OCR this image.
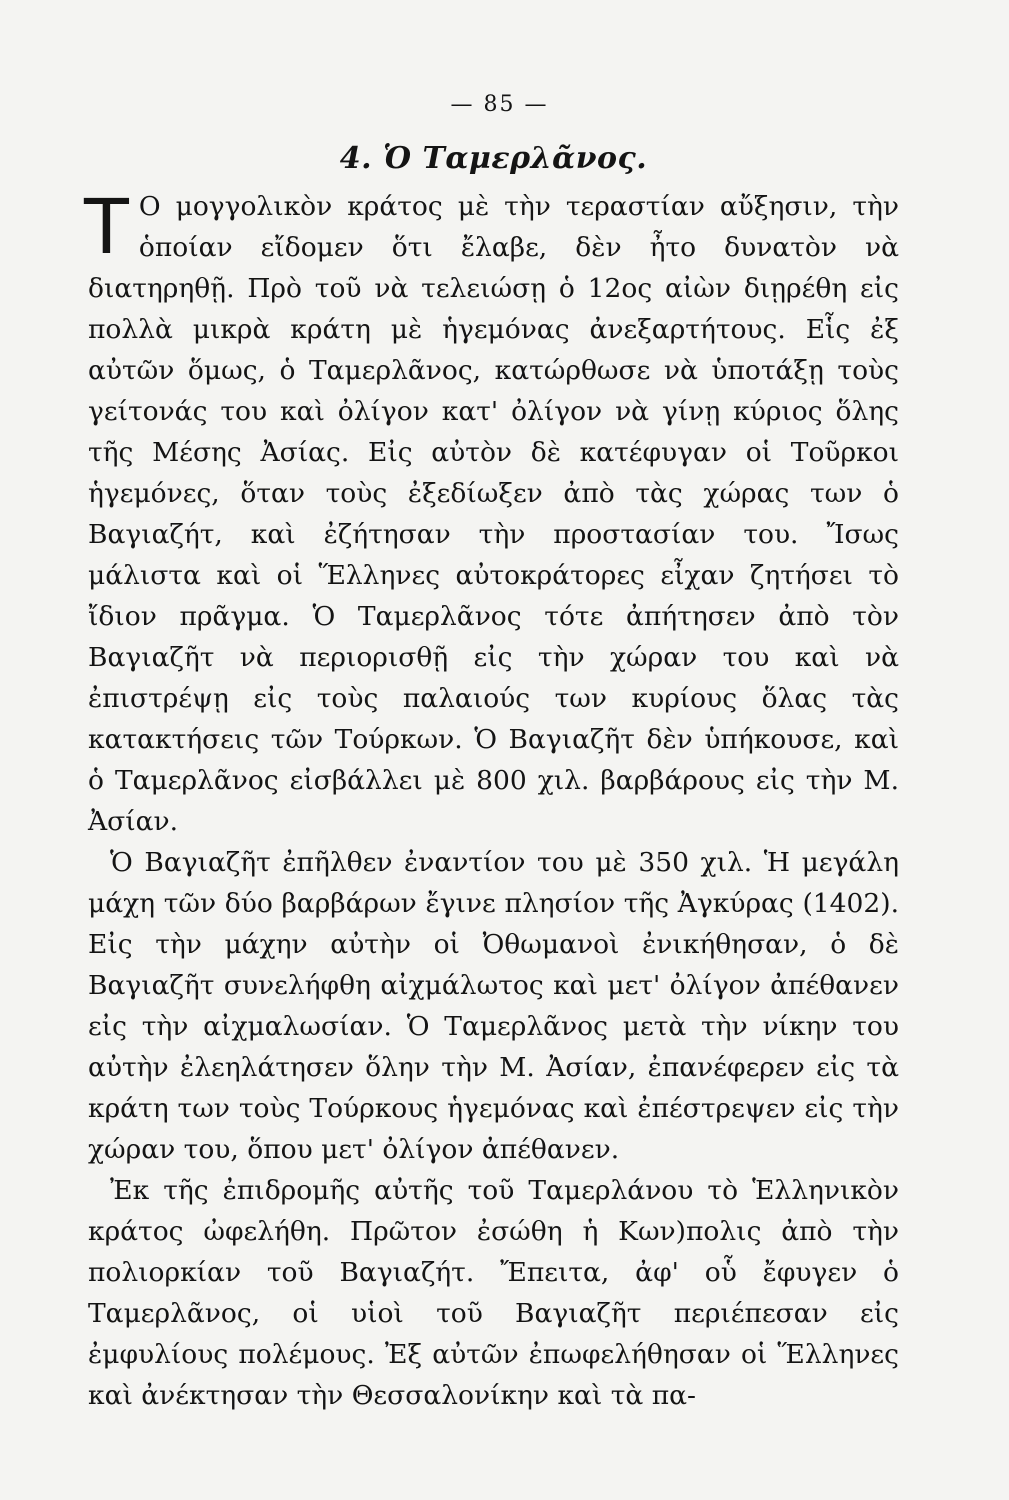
— 85 —
4. Ὁ Ταμερλᾶνος.

Τ Ο μογγολικὸν κράτος μὲ τὴν τεραστίαν αὔξησιν, τὴν ὁποίαν εἴδομεν ὅτι ἔλαβε, δὲν ἦτο δυνατὸν νὰ διατηρηθῇ. Πρὸ τοῦ νὰ τελειώσῃ ὁ 12ος αἰὼν διῃρέθη εἰς πολλὰ μικρὰ κράτη μὲ ἡγεμόνας ἀνεξαρτήτους. Εἷς ἐξ αὐτῶν ὅμως, ὁ Ταμερλᾶνος, κατώρθωσε νὰ ὑποτάξῃ τοὺς γείτονάς του καὶ ὀλίγον κατ' ὀλίγον νὰ γίνῃ κύριος ὅλης τῆς Μέσης Ἀσίας. Εἰς αὐτὸν δὲ κατέφυγαν οἱ Τοῦρκοι ἡγεμόνες, ὅταν τοὺς ἐξεδίωξεν ἀπὸ τὰς χώρας των ὁ Βαγιαζήτ, καὶ ἐζήτησαν τὴν προστασίαν του. Ἴσως μάλιστα καὶ οἱ Ἕλληνες αὐτοκράτορες εἶχαν ζητήσει τὸ ἴδιον πρᾶγμα. Ὁ Ταμερλᾶνος τότε ἀπήτησεν ἀπὸ τὸν Βαγιαζῆτ νὰ περιορισθῇ εἰς τὴν χώραν του καὶ νὰ ἐπιστρέψῃ εἰς τοὺς παλαιούς των κυρίους ὅλας τὰς κατακτήσεις τῶν Τούρκων. Ὁ Βαγιαζῆτ δὲν ὑπήκουσε, καὶ ὁ Ταμερλᾶνος εἰσβάλλει μὲ 800 χιλ. βαρβάρους εἰς τὴν Μ. Ἀσίαν.

Ὁ Βαγιαζῆτ ἐπῆλθεν ἐναντίον του μὲ 350 χιλ. Ἡ μεγάλη μάχη τῶν δύο βαρβάρων ἔγινε πλησίον τῆς Ἀγκύρας (1402). Εἰς τὴν μάχην αὐτὴν οἱ Ὀθωμανοὶ ἐνικήθησαν, ὁ δὲ Βαγιαζῆτ συνελήφθη αἰχμάλωτος καὶ μετ' ὀλίγον ἀπέθανεν εἰς τὴν αἰχμαλωσίαν. Ὁ Ταμερλᾶνος μετὰ τὴν νίκην του αὐτὴν ἐλεηλάτησεν ὅλην τὴν Μ. Ἀσίαν, ἐπανέφερεν εἰς τὰ κράτη των τοὺς Τούρκους ἡγεμόνας καὶ ἐπέστρεψεν εἰς τὴν χώραν του, ὅπου μετ' ὀλίγον ἀπέθανεν.

Ἐκ τῆς ἐπιδρομῆς αὐτῆς τοῦ Ταμερλάνου τὸ Ἑλληνικὸν κράτος ὠφελήθη. Πρῶτον ἐσώθη ἡ Κων)πολις ἀπὸ τὴν πολιορκίαν τοῦ Βαγιαζήτ. Ἔπειτα, ἀφ' οὗ ἔφυγεν ὁ Ταμερλᾶνος, οἱ υἱοὶ τοῦ Βαγιαζῆτ περιέπεσαν εἰς ἐμφυλίους πολέμους. Ἐξ αὐτῶν ἐπωφελήθησαν οἱ Ἕλληνες καὶ ἀνέκτησαν τὴν Θεσσαλονίκην καὶ τὰ πα-
